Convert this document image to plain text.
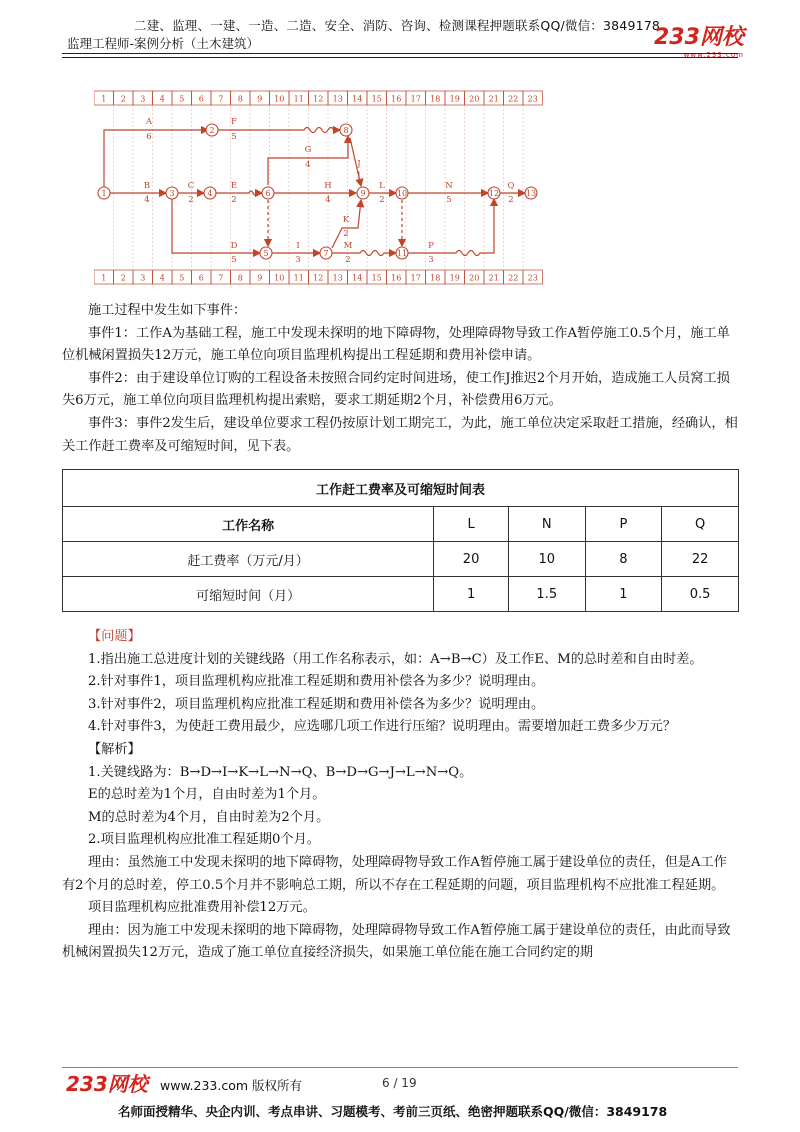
二建、监理、一建、一造、二造、安全、消防、咨询、检测课程押题联系QQ/微信：3849178
监理工程师-案例分析（土木建筑）	233网校
www.233.com
1 2 3 4 5 6 7 8 9 10 11 12 13 14 15 16 17 18 19 20 21 22 23
1 2 3 4 5 6 7 8 9 10 11 12 13 14 15 16 17 18 19 20 21 22 23
1
2
3	4
5
6
7
8
9	10
11
12	13
A
6
F
5
B
4
C
2
E
2
G
4
H
4
J
1
L
2
N
5
Q
2
D
5
I
3
K
2
M
2
P
3

施工过程中发生如下事件：

事件1：工作A为基础工程，施工中发现未探明的地下障碍物，处理障碍物导致工作A暂停施工0.5个月，施工单位机械闲置损失12万元，施工单位向项目监理机构提出工程延期和费用补偿申请。

事件2：由于建设单位订购的工程设备未按照合同约定时间进场，使工作J推迟2个月开始，造成施工人员窝工损失6万元，施工单位向项目监理机构提出索赔，要求工期延期2个月，补偿费用6万元。

事件3：事件2发生后，建设单位要求工程仍按原计划工期完工，为此，施工单位决定采取赶工措施，经确认，相关工作赶工费率及可缩短时间，见下表。

工作赶工费率及可缩短时间表				
工作名称	L	N	P	Q
赶工费率（万元/月）	20	10	8	22
可缩短时间（月）	1	1.5	1	0.5

【问题】

1.指出施工总进度计划的关键线路（用工作名称表示，如：A→B→C）及工作E、M的总时差和自由时差。

2.针对事件1，项目监理机构应批准工程延期和费用补偿各为多少？说明理由。

3.针对事件2，项目监理机构应批准工程延期和费用补偿各为多少？说明理由。

4.针对事件3，为使赶工费用最少，应选哪几项工作进行压缩？说明理由。需要增加赶工费多少万元？

【解析】

1.关键线路为：B→D→I→K→L→N→Q、B→D→G→J→L→N→Q。

E的总时差为1个月，自由时差为1个月。

M的总时差为4个月，自由时差为2个月。

2.项目监理机构应批准工程延期0个月。

理由：虽然施工中发现未探明的地下障碍物，处理障碍物导致工作A暂停施工属于建设单位的责任，但是A工作有2个月的总时差，停工0.5个月并不影响总工期，所以不存在工程延期的问题，项目监理机构不应批准工程延期。

项目监理机构应批准费用补偿12万元。

理由：因为施工中发现未探明的地下障碍物，处理障碍物导致工作A暂停施工属于建设单位的责任，由此而导致机械闲置损失12万元，造成了施工单位直接经济损失，如果施工单位能在施工合同约定的期

233网校 www.233.com 版权所有	6 / 19
名师面授精华、央企内训、考点串讲、习题模考、考前三页纸、绝密押题联系QQ/微信：3849178
